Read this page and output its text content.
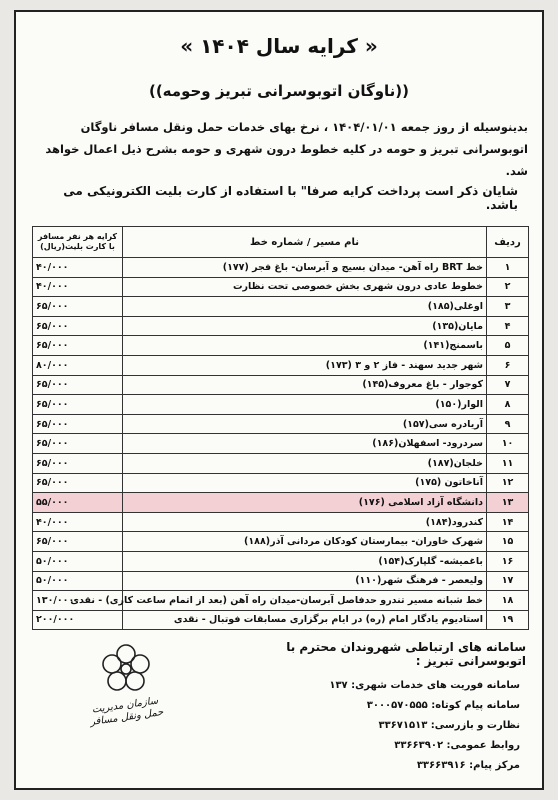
« کرایه سال ۱۴۰۴ »
((ناوگان اتوبوسرانی تبریز وحومه))
بدینوسیله از روز جمعه ۱۴۰۴/۰۱/۰۱ ، نرخ بهای خدمات حمل ونقل مسافر ناوگان اتوبوسرانی تبریز و حومه در کلیه خطوط درون شهری و حومه بشرح ذیل اعمال خواهد شد.
شایان ذکر است پرداخت کرایه صرفا" با استفاده از کارت بلیت الکترونیکی می باشد.
ردیف	نام مسیر / شماره خط	کرایه هر نفر مسافر با کارت بلیت(ریال)
۱	خط BRT راه آهن- میدان بسیج و آبرسان- باغ فجر (۱۷۷)	۴۰/۰۰۰
۲	خطوط عادی درون شهری بخش خصوصی تحت نظارت	۴۰/۰۰۰
۳	اوغلی(۱۸۵)	۶۵/۰۰۰
۴	مایان(۱۳۵)	۶۵/۰۰۰
۵	باسمنج(۱۴۱)	۶۵/۰۰۰
۶	شهر جدید سهند - فاز ۲ و ۳ (۱۷۳)	۸۰/۰۰۰
۷	کوجوار - باغ معروف(۱۴۵)	۶۵/۰۰۰
۸	الوار(۱۵۰)	۶۵/۰۰۰
۹	آریادره سی(۱۵۷)	۶۵/۰۰۰
۱۰	سردرود- اسفهلان(۱۸۶)	۶۵/۰۰۰
۱۱	خلجان(۱۸۷)	۶۵/۰۰۰
۱۲	آناخاتون (۱۷۵)	۶۵/۰۰۰
۱۳	دانشگاه آزاد اسلامی (۱۷۶)	۵۵/۰۰۰
۱۴	کندرود(۱۸۴)	۴۰/۰۰۰
۱۵	شهرک خاوران- بیمارستان کودکان مردانی آذر(۱۸۸)	۶۵/۰۰۰
۱۶	باغمیشه- گلپارک(۱۵۴)	۵۰/۰۰۰
۱۷	ولیعصر - فرهنگ شهر(۱۱۰)	۵۰/۰۰۰
۱۸	خط شبانه مسیر تندرو حدفاصل آبرسان-میدان راه آهن (بعد از اتمام ساعت کاری) - نقدی	۱۳۰/۰۰۰
۱۹	استادیوم یادگار امام (ره) در ایام برگزاری مسابقات فوتبال - نقدی	۲۰۰/۰۰۰
سامانه های ارتباطی شهروندان محترم با اتوبوسرانی تبریز :
سامانه فوریت های خدمات شهری: ۱۳۷
سامانه پیام کوتاه: ۳۰۰۰۵۷۰۵۵۵
نظارت و بازرسی: ۳۳۶۷۱۵۱۳
روابط عمومی: ۳۳۶۶۳۹۰۲
مرکز پیام: ۳۳۶۶۳۹۱۶
سازمان مدیریت حمل ونقل مسافر
